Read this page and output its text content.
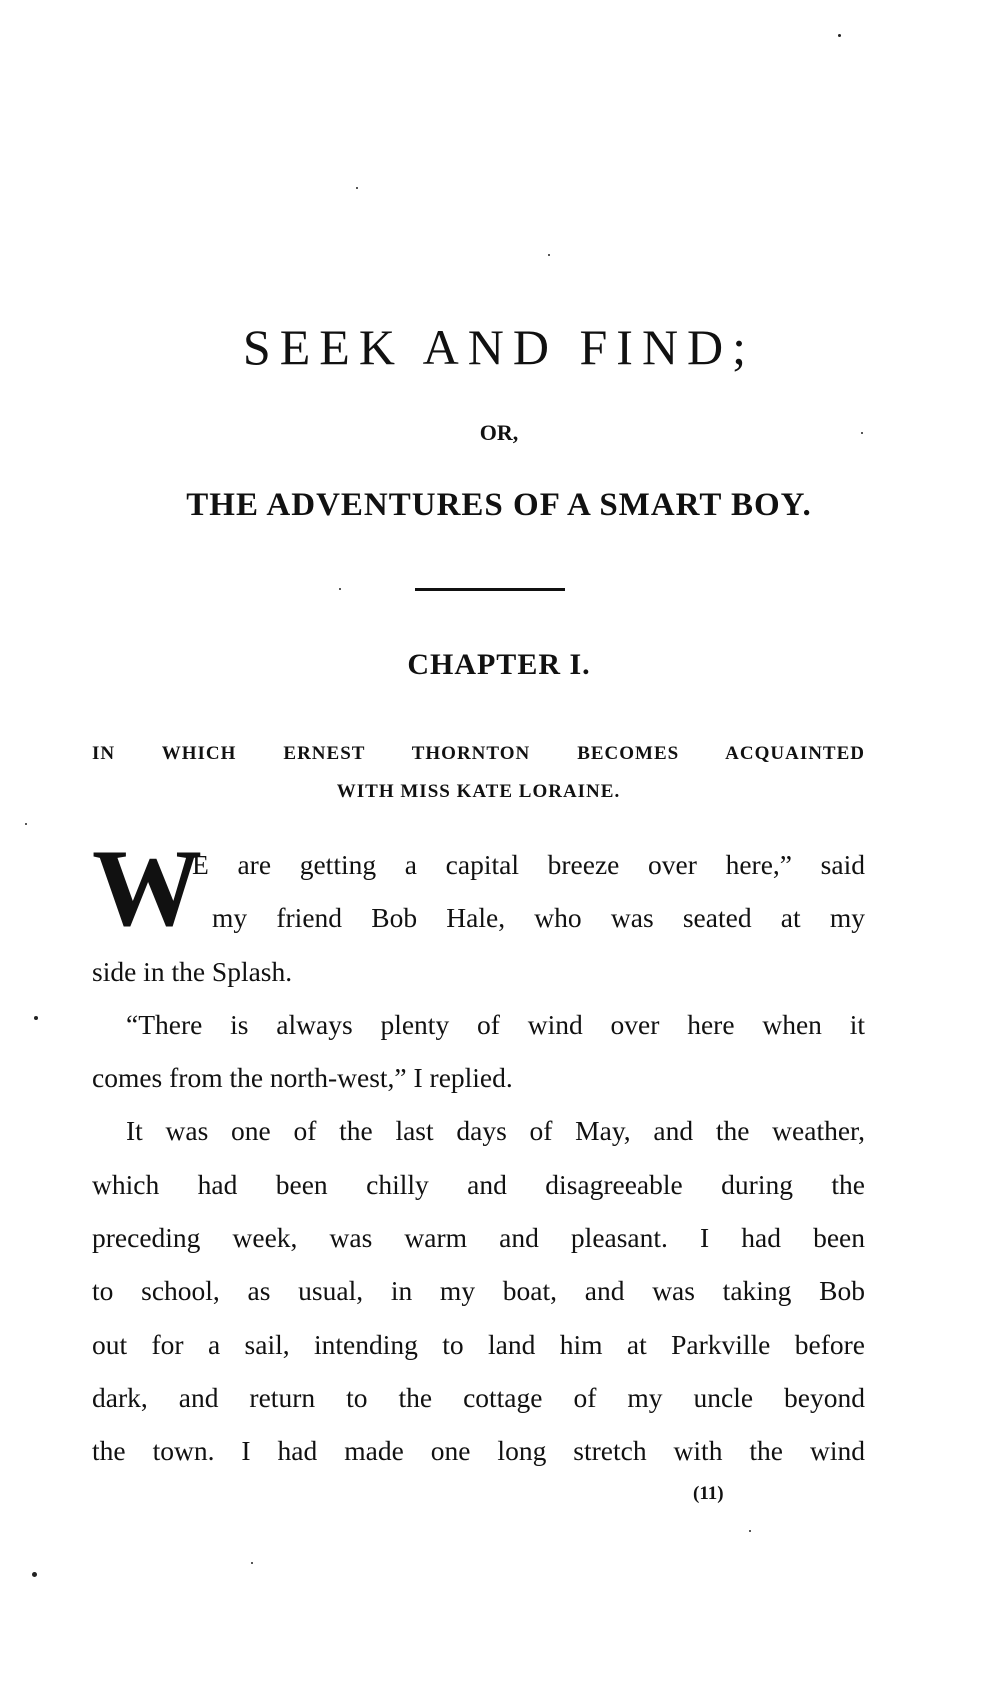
SEEK AND FIND;
OR,
THE ADVENTURES OF A SMART BOY.
CHAPTER I.
IN WHICH ERNEST THORNTON BECOMES ACQUAINTED
WITH MISS KATE LORAINE.

W
E are getting a capital breeze over here,” said
my friend Bob Hale, who was seated at my
side in the Splash.

“There is always plenty of wind over here when it
comes from the north-west,” I replied.

It was one of the last days of May, and the weather,
which had been chilly and disagreeable during the
preceding week, was warm and pleasant. I had been
to school, as usual, in my boat, and was taking Bob
out for a sail, intending to land him at Parkville before
dark, and return to the cottage of my uncle beyond
the town. I had made one long stretch with the wind

(11)
